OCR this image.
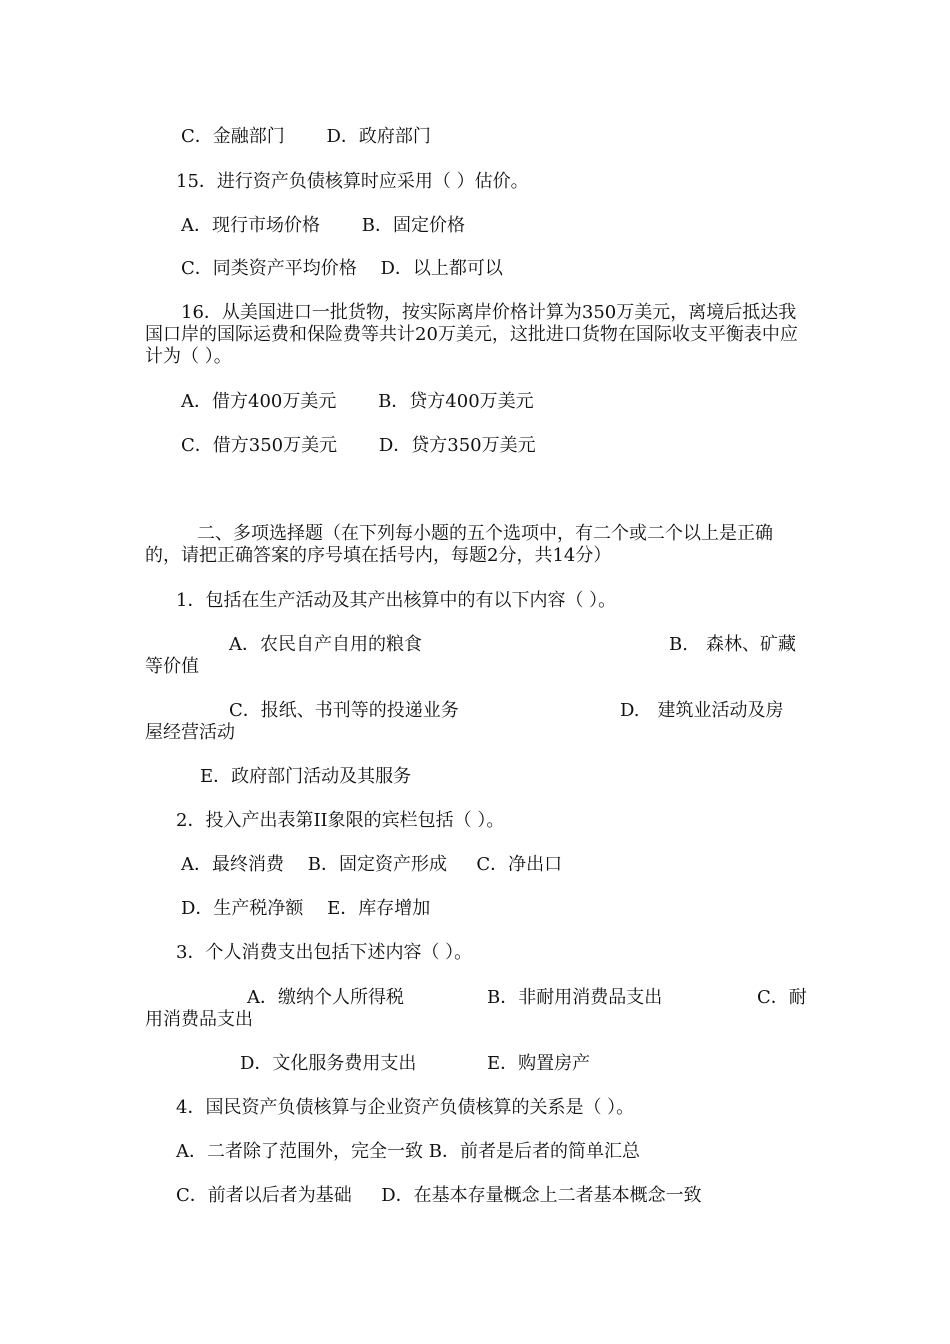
C．金融部门 　　D．政府部门

15．进行资产负债核算时应采用（ ）估价。

A．现行市场价格 　　B．固定价格

C．同类资产平均价格 　D．以上都可以

16．从美国进口一批货物，按实际离岸价格计算为350万美元，离境后抵达我国口岸的国际运费和保险费等共计20万美元，这批进口货物在国际收支平衡表中应计为（ ）。

A．借方400万美元 　　B．贷方400万美元

C．借方350万美元 　　D．贷方350万美元

二、多项选择题（在下列每小题的五个选项中，有二个或二个以上是正确的，请把正确答案的序号填在括号内，每题2分，共14分）

1．包括在生产活动及其产出核算中的有以下内容（ ）。

A．农民自产自用的粮食	B.　森林、矿藏

等价值

C．报纸、书刊等的投递业务	D.　建筑业活动及房

屋经营活动

E．政府部门活动及其服务

2．投入产出表第II象限的宾栏包括（ ）。

A．最终消费 　B．固定资产形成 　 C．净出口

D．生产税净额 　E．库存增加

3．个人消费支出包括下述内容（ ）。

A．缴纳个人所得税	B．非耐用消费品支出	C．耐

用消费品支出

D．文化服务费用支出	E．购置房产

4．国民资产负债核算与企业资产负债核算的关系是（ ）。

A．二者除了范围外，完全一致 B．前者是后者的简单汇总

C．前者以后者为基础 　 D．在基本存量概念上二者基本概念一致
